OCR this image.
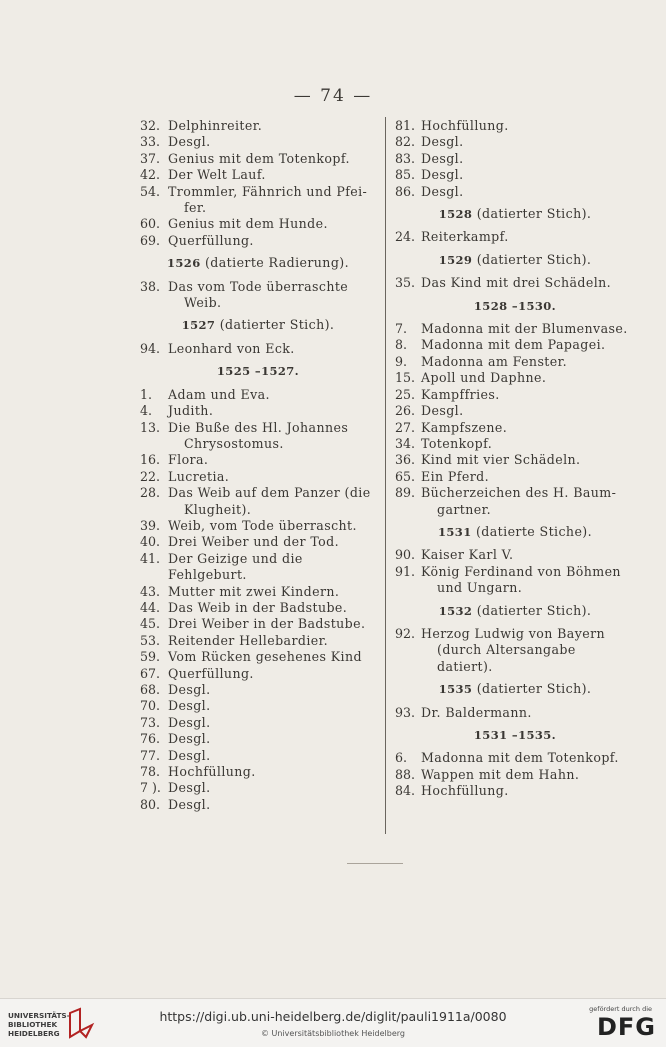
— 74 —
32. Delphinreiter.
33. Desgl.
37. Genius mit dem Totenkopf.
42. Der Welt Lauf.
54. Trommler, Fähnrich und Pfei-
fer.
60. Genius mit dem Hunde.
69. Querfüllung.
1526 (datierte Radierung).
38. Das vom Tode überraschte
Weib.
1527 (datierter Stich).
94. Leonhard von Eck.
1525 –1527.
1.	Adam und Eva.
4.	Judith.
13. Die Buße des Hl. Johannes
Chrysostomus.
16. Flora.
22. Lucretia.
28. Das Weib auf dem Panzer (die
Klugheit).
39. Weib, vom Tode überrascht.
40. Drei Weiber und der Tod.
41. Der Geizige und die Fehlgeburt.
43. Mutter mit zwei Kindern.
44. Das Weib in der Badstube.
45. Drei Weiber in der Badstube.
53. Reitender Hellebardier.
59. Vom Rücken gesehenes Kind
67. Querfüllung.
68. Desgl.
70. Desgl.
73. Desgl.
76. Desgl.
77. Desgl.
78. Hochfüllung.
7 ). Desgl.
80. Desgl.
81. Hochfüllung.
82. Desgl.
83. Desgl.
85. Desgl.
86. Desgl.
1528 (datierter Stich).
24. Reiterkampf.
1529 (datierter Stich).
35. Das Kind mit drei Schädeln.
1528 –1530.
7.	Madonna mit der Blumenvase.
8.	Madonna mit dem Papagei.
9.	Madonna am Fenster.
15. Apoll und Daphne.
25. Kampffries.
26. Desgl.
27. Kampfszene.
34. Totenkopf.
36. Kind mit vier Schädeln.
65. Ein Pferd.
89. Bücherzeichen des H. Baum-
gartner.
1531 (datierte Stiche).
90. Kaiser Karl V.
91. König Ferdinand von Böhmen
und Ungarn.
1532 (datierter Stich).
92. Herzog Ludwig von Bayern
(durch Altersangabe datiert).
1535 (datierter Stich).
93. Dr. Baldermann.
1531 –1535.
6.	Madonna mit dem Totenkopf.
88. Wappen mit dem Hahn.
84. Hochfüllung.
UNIVERSITÄTS-
BIBLIOTHEK
HEIDELBERG
https://digi.ub.uni-heidelberg.de/diglit/pauli1911a/0080
© Universitätsbibliothek Heidelberg
gefördert durch die
DFG
